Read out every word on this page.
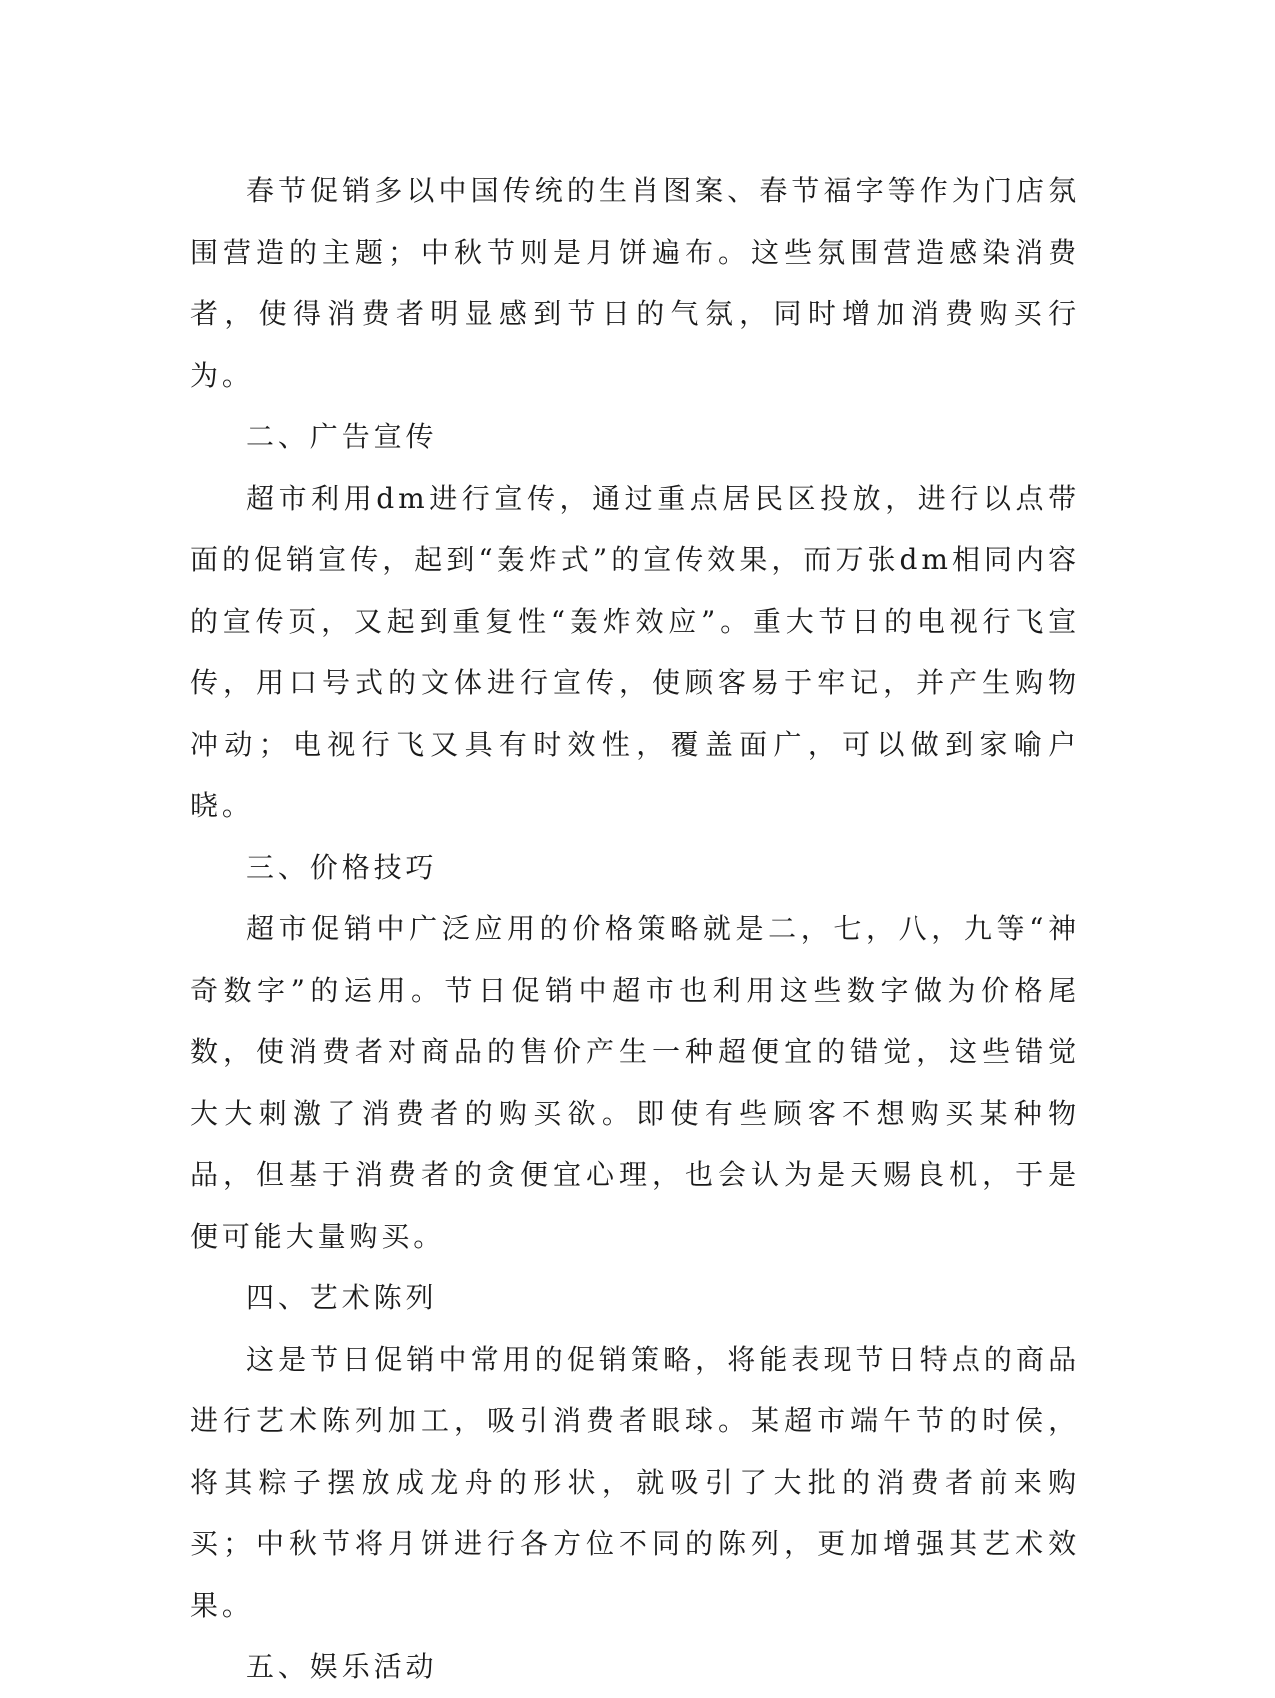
春节促销多以中国传统的生肖图案、春节福字等作为门店氛围营造的主题；中秋节则是月饼遍布。这些氛围营造感染消费者，使得消费者明显感到节日的气氛，同时增加消费购买行为。

二、广告宣传

超市利用dm进行宣传，通过重点居民区投放，进行以点带面的促销宣传，起到“轰炸式”的宣传效果，而万张dm相同内容的宣传页，又起到重复性“轰炸效应”。重大节日的电视行飞宣传，用口号式的文体进行宣传，使顾客易于牢记，并产生购物冲动；电视行飞又具有时效性，覆盖面广，可以做到家喻户晓。

三、价格技巧

超市促销中广泛应用的价格策略就是二，七，八，九等“神奇数字”的运用。节日促销中超市也利用这些数字做为价格尾数，使消费者对商品的售价产生一种超便宜的错觉，这些错觉大大刺激了消费者的购买欲。即使有些顾客不想购买某种物品，但基于消费者的贪便宜心理，也会认为是天赐良机，于是便可能大量购买。

四、艺术陈列

这是节日促销中常用的促销策略，将能表现节日特点的商品进行艺术陈列加工，吸引消费者眼球。某超市端午节的时侯，将其粽子摆放成龙舟的形状，就吸引了大批的消费者前来购买；中秋节将月饼进行各方位不同的陈列，更加增强其艺术效果。

五、娱乐活动
